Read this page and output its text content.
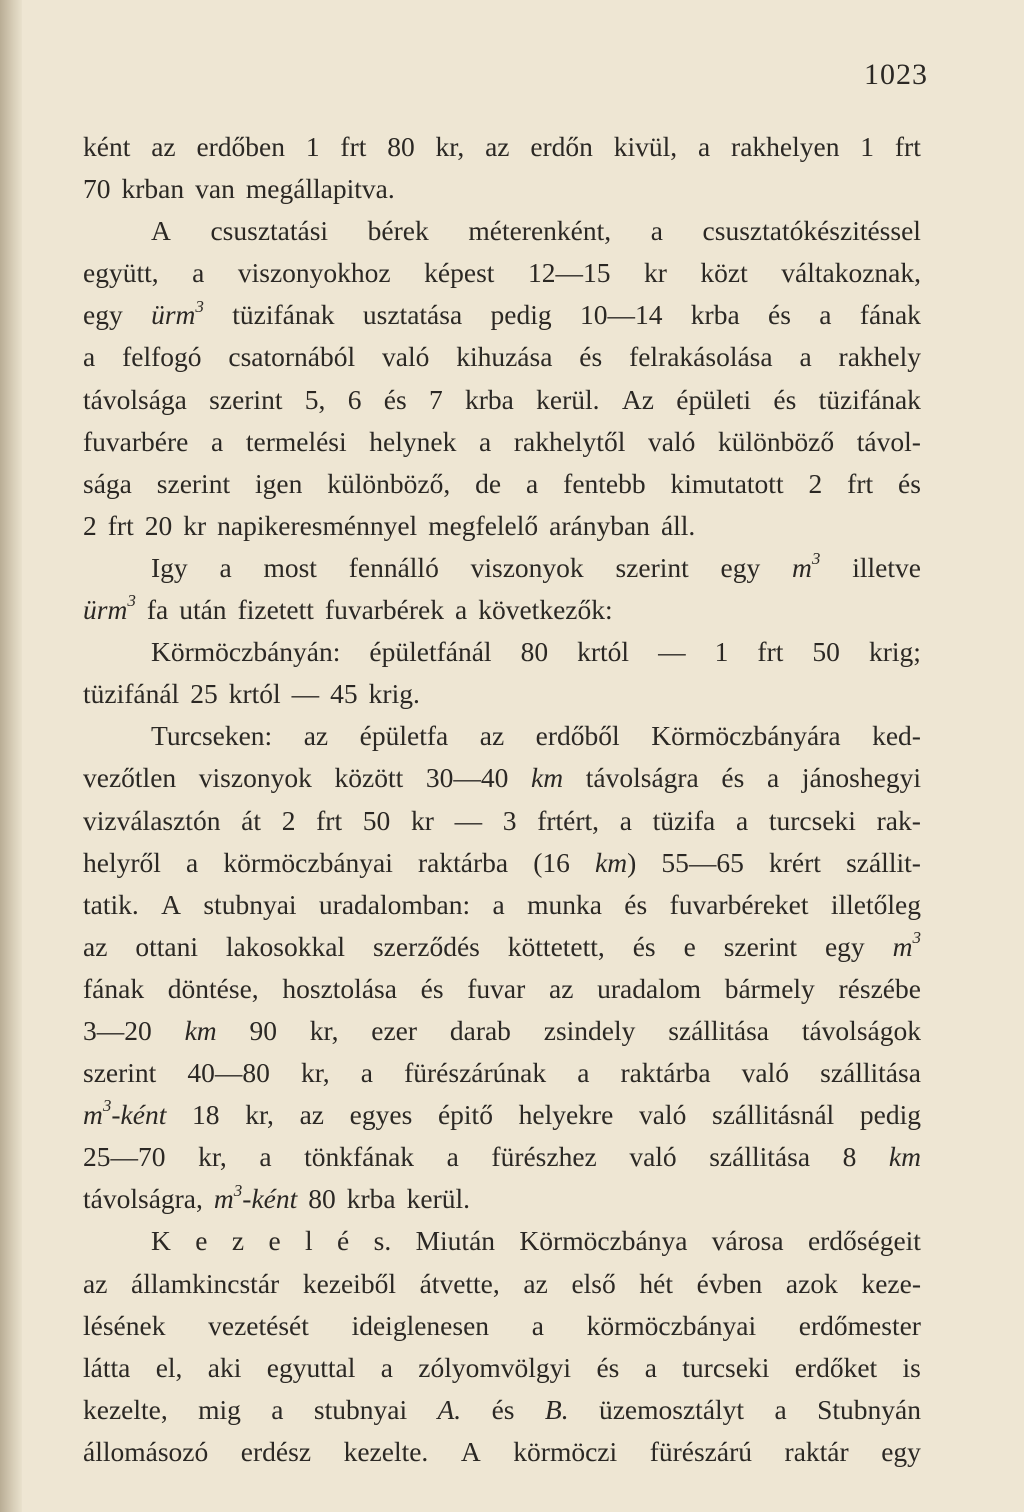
1023
ként az erdőben 1 frt 80 kr, az erdőn kivül, a rakhelyen 1 frt
70 krban van megállapitva.
A csusztatási bérek méterenként, a csusztatókészitéssel
együtt, a viszonyokhoz képest 12—15 kr közt váltakoznak,
egy ürm$^3$ tüzifának usztatása pedig 10—14 krba és a fának
a felfogó csatornából való kihuzása és felrakásolása a rakhely
távolsága szerint 5, 6 és 7 krba kerül. Az épületi és tüzifának
fuvarbére a termelési helynek a rakhelytől való különböző távol-
sága szerint igen különböző, de a fentebb kimutatott 2 frt és
2 frt 20 kr napikeresménnyel megfelelő arányban áll.
Igy a most fennálló viszonyok szerint egy $m^3$ illetve
ürm$^3$ fa után fizetett fuvarbérek a következők:
Körmöczbányán: épületfánál 80 krtól — 1 frt 50 krig;
tüzifánál 25 krtól — 45 krig.
Turcseken: az épületfa az erdőből Körmöczbányára ked-
vezőtlen viszonyok között 30—40 km távolságra és a jánoshegyi
vizválasztón át 2 frt 50 kr — 3 frtért, a tüzifa a turcseki rak-
helyről a körmöczbányai raktárba (16 km) 55—65 krért szállit-
tatik. A stubnyai uradalomban: a munka és fuvarbéreket illetőleg
az ottani lakosokkal szerződés köttetett, és e szerint egy $m^3$
fának döntése, hosztolása és fuvar az uradalom bármely részébe
3—20 km 90 kr, ezer darab zsindely szállitása távolságok
szerint 40—80 kr, a fürészárúnak a raktárba való szállitása
$m^3$-ként 18 kr, az egyes épitő helyekre való szállitásnál pedig
25—70 kr, a tönkfának a fürészhez való szállitása 8 km
távolságra, $m^3$-ként 80 krba kerül.
K e z e l é s. Miután Körmöczbánya városa erdőségeit
az államkincstár kezeiből átvette, az első hét évben azok keze-
lésének vezetését ideiglenesen a körmöczbányai erdőmester
látta el, aki egyuttal a zólyomvölgyi és a turcseki erdőket is
kezelte, mig a stubnyai A. és B. üzemosztályt a Stubnyán
állomásozó erdész kezelte. A körmöczi fürészárú raktár egy
